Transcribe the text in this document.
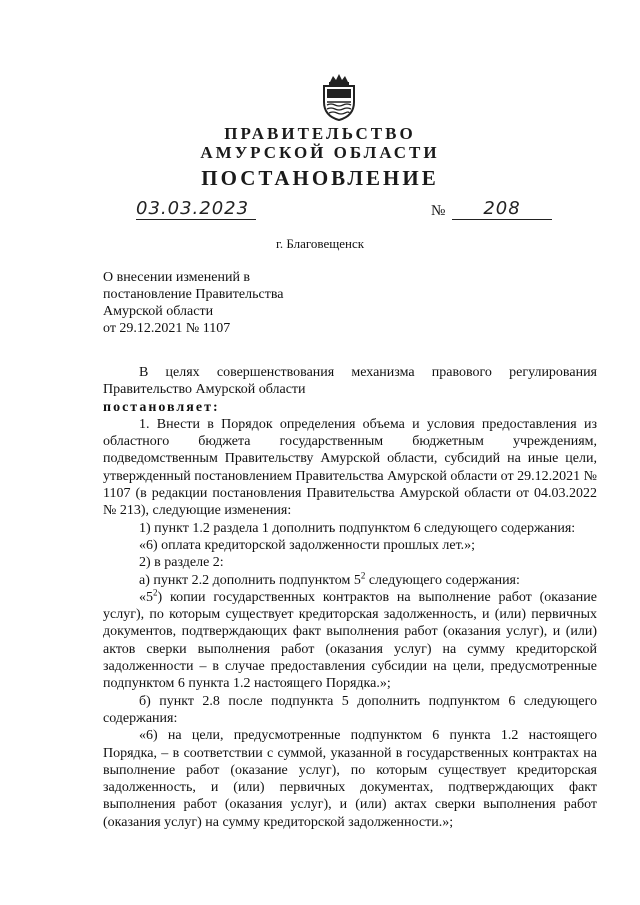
ПРАВИТЕЛЬСТВО
АМУРСКОЙ ОБЛАСТИ
ПОСТАНОВЛЕНИЕ
03.03.2023	№	208
г. Благовещенск
О внесении изменений в
постановление Правительства
Амурской области
от 29.12.2021 № 1107

В целях совершенствования механизма правового регулирования

Правительство Амурской области

постановляет:

1. Внести в Порядок определения объема и условия предоставления из областного бюджета государственным бюджетным учреждениям, подведомственным Правительству Амурской области, субсидий на иные цели, утвержденный постановлением Правительства Амурской области от 29.12.2021 № 1107 (в редакции постановления Правительства Амурской области от 04.03.2022 № 213), следующие изменения:

1) пункт 1.2 раздела 1 дополнить подпунктом 6 следующего содержания:

«6) оплата кредиторской задолженности прошлых лет.»;

2) в разделе 2:

а) пункт 2.2 дополнить подпунктом $5^2$ следующего содержания:

«$5^2$) копии государственных контрактов на выполнение работ (оказание услуг), по которым существует кредиторская задолженность, и (или) первичных документов, подтверждающих факт выполнения работ (оказания услуг), и (или) актов сверки выполнения работ (оказания услуг) на сумму кредиторской задолженности – в случае предоставления субсидии на цели, предусмотренные подпунктом 6 пункта 1.2 настоящего Порядка.»;

б) пункт 2.8 после подпункта 5 дополнить подпунктом 6 следующего содержания:

«6) на цели, предусмотренные подпунктом 6 пункта 1.2 настоящего Порядка, – в соответствии с суммой, указанной в государственных контрактах на выполнение работ (оказание услуг), по которым существует кредиторская задолженность, и (или) первичных документах, подтверждающих факт выполнения работ (оказания услуг), и (или) актах сверки выполнения работ (оказания услуг) на сумму кредиторской задолженности.»;
